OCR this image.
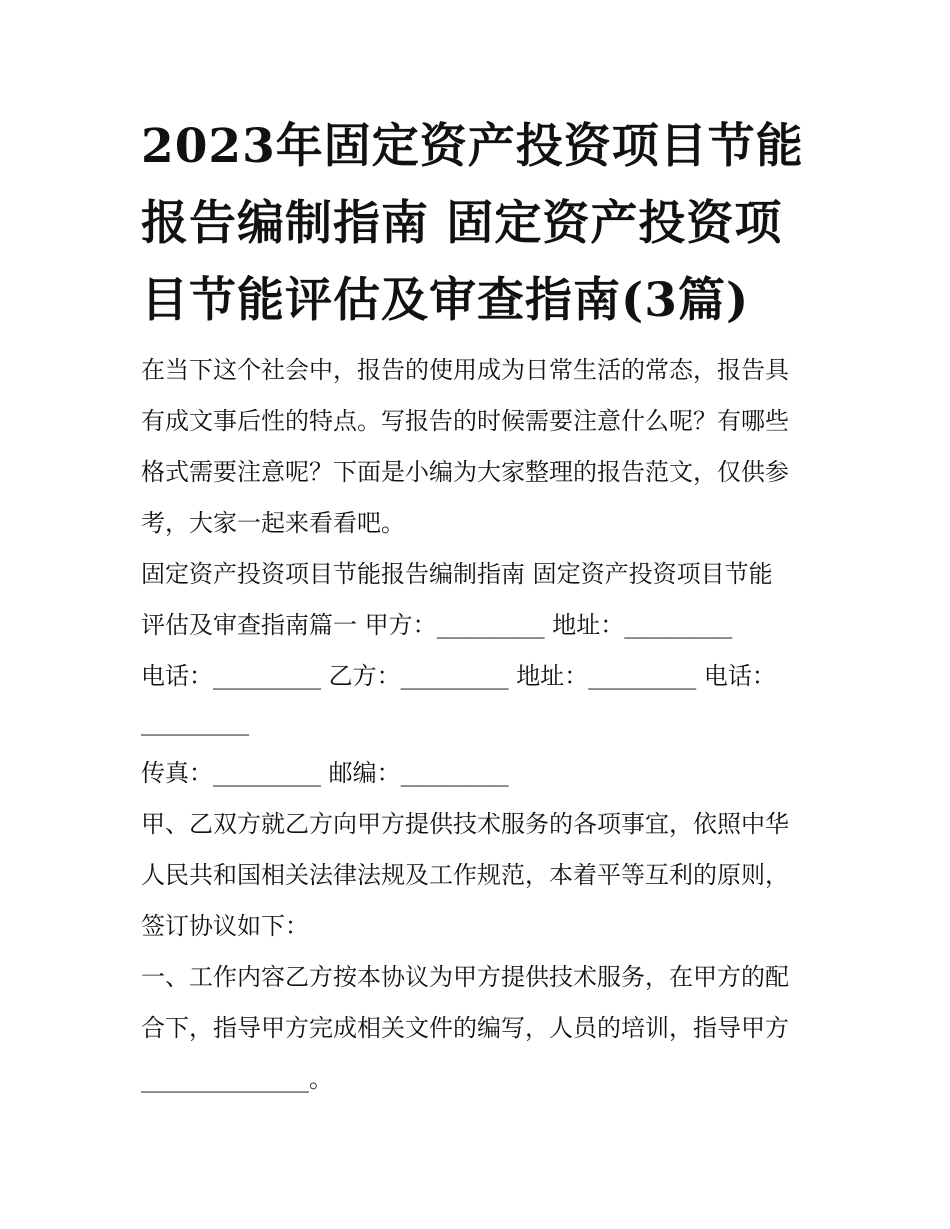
2023年固定资产投资项目节能
报告编制指南 固定资产投资项
目节能评估及审查指南(3篇)
在当下这个社会中，报告的使用成为日常生活的常态，报告具
有成文事后性的特点。写报告的时候需要注意什么呢？有哪些
格式需要注意呢？下面是小编为大家整理的报告范文，仅供参
考，大家一起来看看吧。
固定资产投资项目节能报告编制指南 固定资产投资项目节能
评估及审查指南篇一 甲方：_________ 地址：_________
电话：_________ 乙方：_________ 地址：_________ 电话：
_________
传真：_________ 邮编：_________
甲、乙双方就乙方向甲方提供技术服务的各项事宜，依照中华
人民共和国相关法律法规及工作规范，本着平等互利的原则，
签订协议如下：
一、工作内容乙方按本协议为甲方提供技术服务，在甲方的配
合下，指导甲方完成相关文件的编写，人员的培训，指导甲方
______________。
